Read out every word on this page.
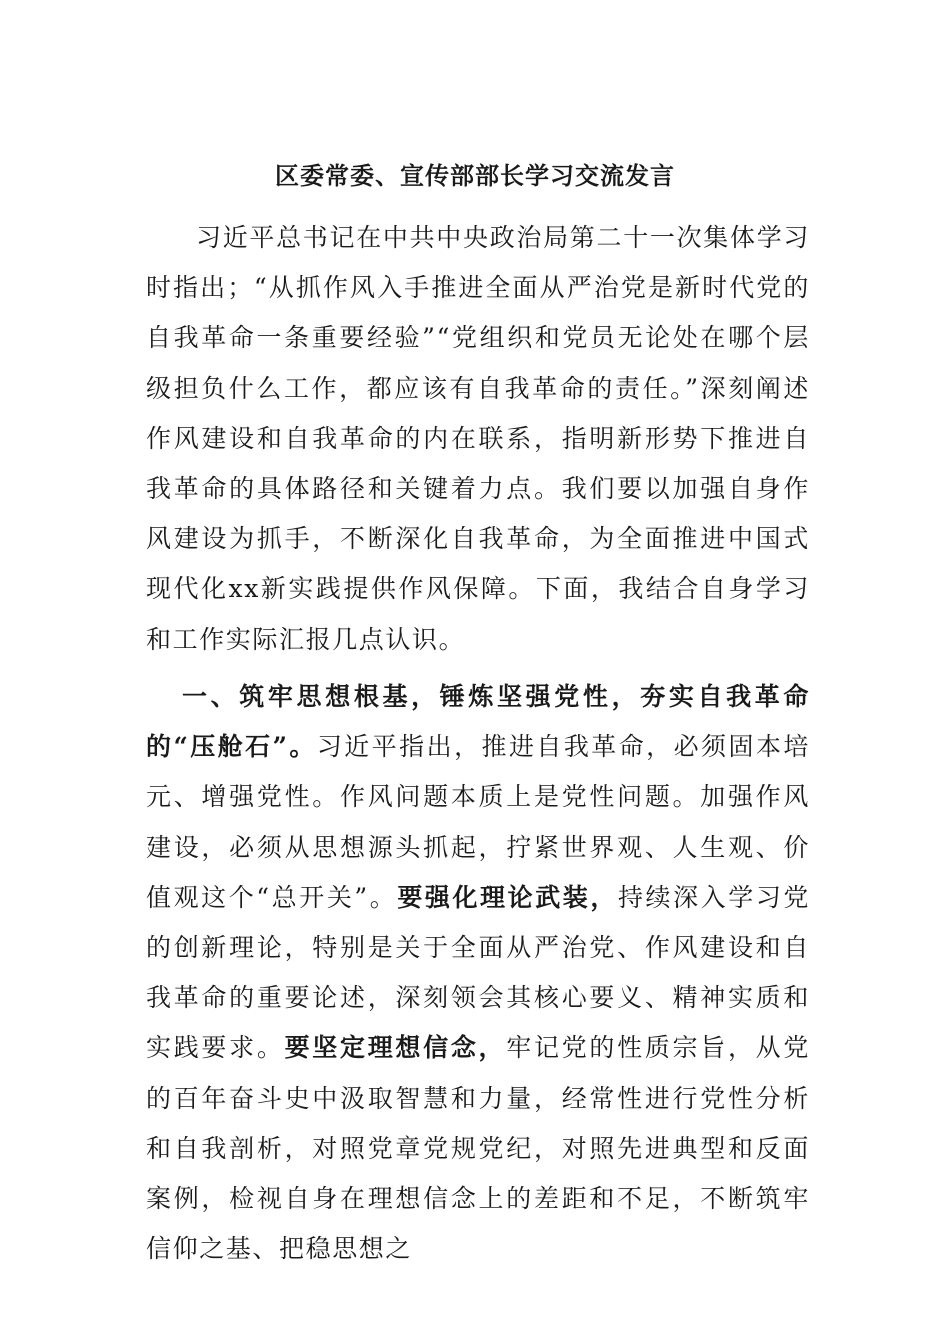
区委常委、宣传部部长学习交流发言

习近平总书记在中共中央政治局第二十一次集体学习时指出；“从抓作风入手推进全面从严治党是新时代党的自我革命一条重要经验”“党组织和党员无论处在哪个层级担负什么工作，都应该有自我革命的责任。”深刻阐述作风建设和自我革命的内在联系，指明新形势下推进自我革命的具体路径和关键着力点。我们要以加强自身作风建设为抓手，不断深化自我革命，为全面推进中国式现代化xx新实践提供作风保障。下面，我结合自身学习和工作实际汇报几点认识。

一、筑牢思想根基，锤炼坚强党性，夯实自我革命的“压舱石”。习近平指出，推进自我革命，必须固本培元、增强党性。作风问题本质上是党性问题。加强作风建设，必须从思想源头抓起，拧紧世界观、人生观、价值观这个“总开关”。要强化理论武装，持续深入学习党的创新理论，特别是关于全面从严治党、作风建设和自我革命的重要论述，深刻领会其核心要义、精神实质和实践要求。要坚定理想信念，牢记党的性质宗旨，从党的百年奋斗史中汲取智慧和力量，经常性进行党性分析和自我剖析，对照党章党规党纪，对照先进典型和反面案例，检视自身在理想信念上的差距和不足，不断筑牢信仰之基、把稳思想之
